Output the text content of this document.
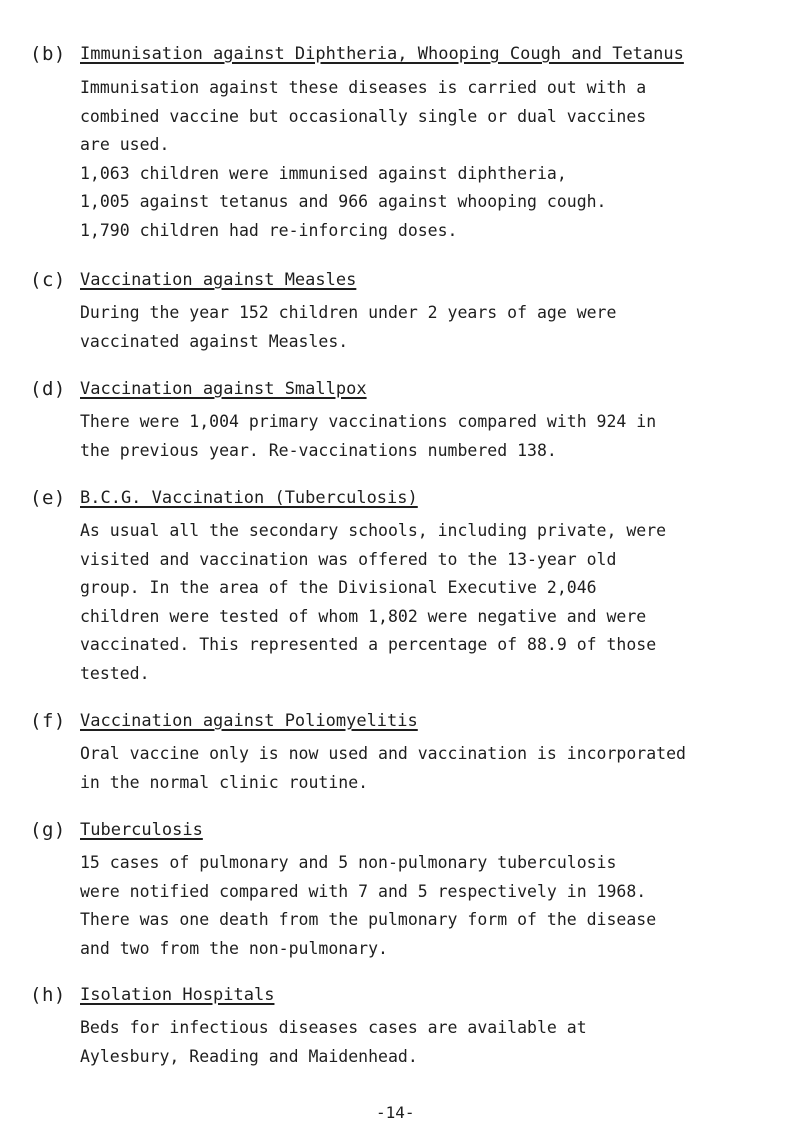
(b) Immunisation against Diphtheria, Whooping Cough and Tetanus
Immunisation against these diseases is carried out with a
combined vaccine but occasionally single or dual vaccines
are used.
1,063 children were immunised against diphtheria,
1,005 against tetanus and 966 against whooping cough.
1,790 children had re-inforcing doses.
(c) Vaccination against Measles
During the year 152 children under 2 years of age were
vaccinated against Measles.
(d) Vaccination against Smallpox
There were 1,004 primary vaccinations compared with 924 in
the previous year. Re-vaccinations numbered 138.
(e) B.C.G. Vaccination (Tuberculosis)
As usual all the secondary schools, including private, were
visited and vaccination was offered to the 13-year old
group. In the area of the Divisional Executive 2,046
children were tested of whom 1,802 were negative and were
vaccinated. This represented a percentage of 88.9 of those
tested.
(f) Vaccination against Poliomyelitis
Oral vaccine only is now used and vaccination is incorporated
in the normal clinic routine.
(g) Tuberculosis
15 cases of pulmonary and 5 non-pulmonary tuberculosis
were notified compared with 7 and 5 respectively in 1968.
There was one death from the pulmonary form of the disease
and two from the non-pulmonary.
(h) Isolation Hospitals
Beds for infectious diseases cases are available at
Aylesbury, Reading and Maidenhead.
-14-
